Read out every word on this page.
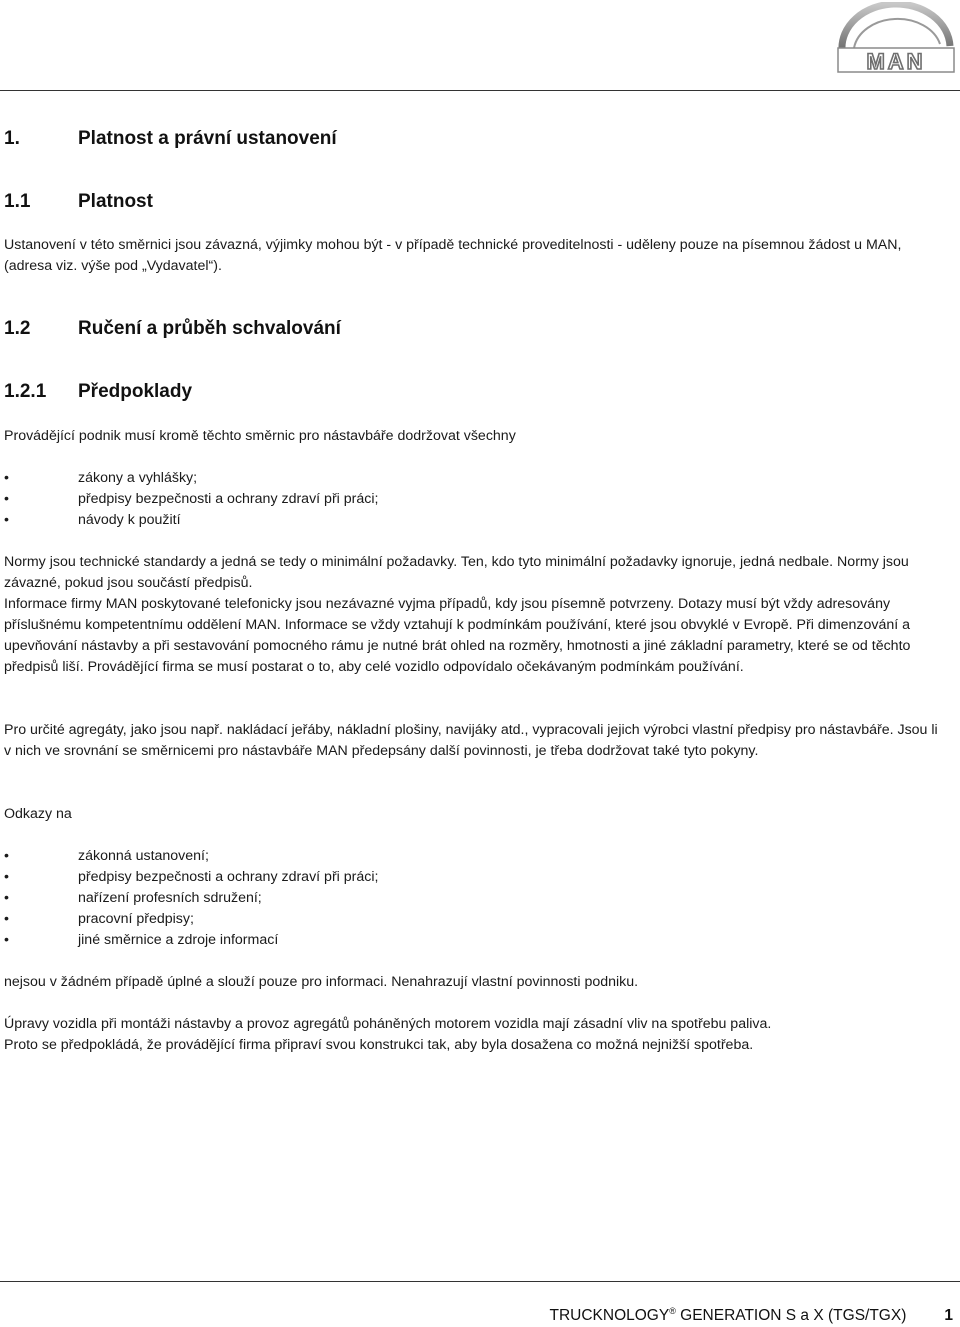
MAN
1.	Platnost a právní ustanovení
1.1	Platnost

Ustanovení v této směrnici jsou závazná, výjimky mohou být - v případě technické proveditelnosti - uděleny pouze na písemnou žádost u MAN, (adresa viz. výše pod „Vydavatel“).

1.2	Ručení a průběh schvalování
1.2.1 Předpoklady

Provádějící podnik musí kromě těchto směrnic pro nástavbáře dodržovat všechny

•	zákony a vyhlášky;
•	předpisy bezpečnosti a ochrany zdraví při práci;
•	návody k použití

Normy jsou technické standardy a jedná se tedy o minimální požadavky. Ten, kdo tyto minimální požadavky ignoruje, jedná nedbale. Normy jsou závazné, pokud jsou součástí předpisů.

Informace firmy MAN poskytované telefonicky jsou nezávazné vyjma případů, kdy jsou písemně potvrzeny. Dotazy musí být vždy adresovány příslušnému kompetentnímu oddělení MAN. Informace se vždy vztahují k podmínkám používání, které jsou obvyklé v Evropě. Při dimenzování a upevňování nástavby a při sestavování pomocného rámu je nutné brát ohled na rozměry, hmotnosti a jiné základní parametry, které se od těchto předpisů liší. Provádějící firma se musí postarat o to, aby celé vozidlo odpovídalo očekávaným podmínkám používání.

Pro určité agregáty, jako jsou např. nakládací jeřáby, nákladní plošiny, navijáky atd., vypracovali jejich výrobci vlastní předpisy pro nástavbáře. Jsou li v nich ve srovnání se směrnicemi pro nástavbáře MAN předepsány další povinnosti, je třeba dodržovat také tyto pokyny.

Odkazy na

•	zákonná ustanovení;
•	předpisy bezpečnosti a ochrany zdraví při práci;
•	nařízení profesních sdružení;
•	pracovní předpisy;
•	jiné směrnice a zdroje informací

nejsou v žádném případě úplné a slouží pouze pro informaci. Nenahrazují vlastní povinnosti podniku.

Úpravy vozidla při montáži nástavby a provoz agregátů poháněných motorem vozidla mají zásadní vliv na spotřebu paliva.

Proto se předpokládá, že provádějící firma připraví svou konstrukci tak, aby byla dosažena co možná nejnižší spotřeba.

TRUCKNOLOGY® GENERATION S a X (TGS/TGX) 1
